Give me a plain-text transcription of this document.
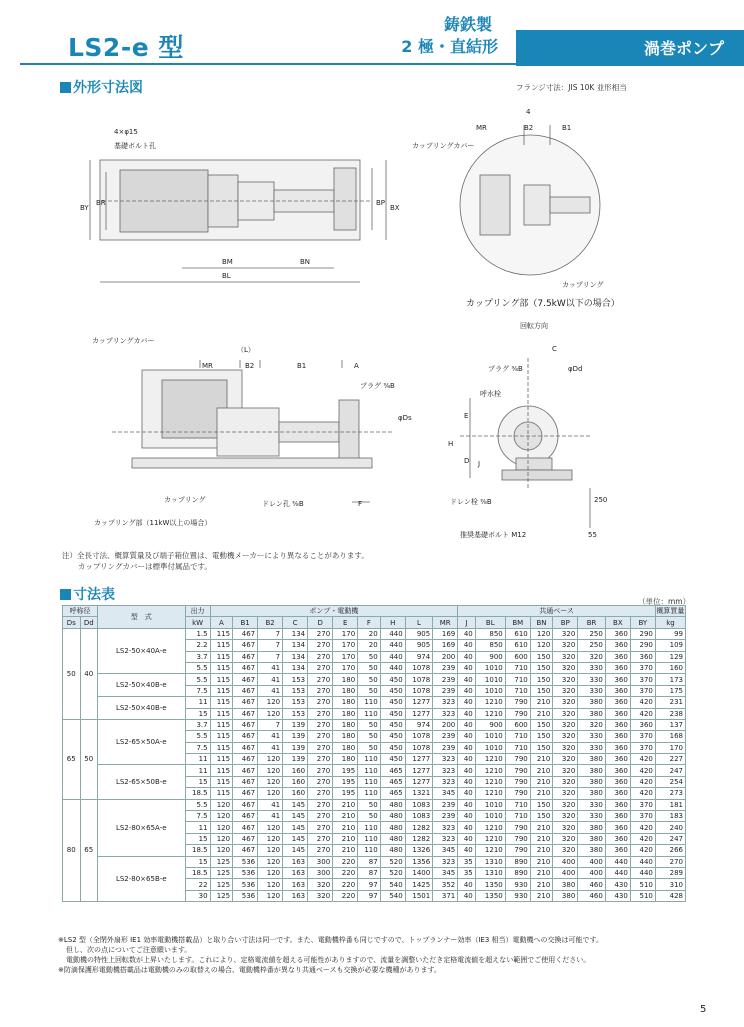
LS2-e 型
鋳鉄製
2 極・直結形	渦巻ポンプ
外形寸法図	フランジ寸法：JIS 10K 並形相当
4×φ15
基礎ボルト孔
BY
BR	BP
BX
BM	BN
BL
4
MR	B2	B1
カップリングカバー
カップリング
カップリング部（7.5kW以下の場合）
カップリングカバー
（L）
MR	B2	B1	A
プラグ ⅜B
φDs
カップリング	ドレン孔 ⅜B	F
カップリング部（11kW以上の場合）
回転方向
C
プラグ ⅜B	φDd
呼水栓
E
H
D J
ドレン栓 ⅜B	250
推奨基礎ボルト M12	55
注）全長寸法、概算質量及び端子箱位置は、電動機メーカーにより異なることがあります。
カップリングカバーは標準付属品です。
寸法表	（単位：mm）
呼称径		型　式	出力	ポンプ・電動機										共通ベース								概算質量
Ds	Dd		kW	A	B1	B2	C	D	E	F	H	L	MR	J	BL	BM	BN	BP	BR	BX	BY	kg
50	40	LS2-50×40A-e	1.5	115	467	7	134	270	170	20	440	905	169	40	850	610	120	320	250	360	290	99
			2.2	115	467	7	134	270	170	20	440	905	169	40	850	610	120	320	250	360	290	109
			3.7	115	467	7	134	270	170	50	440	974	200	40	900	600	150	320	320	360	360	129
			5.5	115	467	41	134	270	170	50	440	1078	239	40	1010	710	150	320	330	360	370	160
		LS2-50×40B-e	5.5	115	467	41	153	270	180	50	450	1078	239	40	1010	710	150	320	330	360	370	173
			7.5	115	467	41	153	270	180	50	450	1078	239	40	1010	710	150	320	330	360	370	175
		LS2-50×40B-e	11	115	467	120	153	270	180	110	450	1277	323	40	1210	790	210	320	380	360	420	231
			15	115	467	120	153	270	180	110	450	1277	323	40	1210	790	210	320	380	360	420	238
65	50	LS2-65×50A-e	3.7	115	467	7	139	270	180	50	450	974	200	40	900	600	150	320	320	360	360	137
			5.5	115	467	41	139	270	180	50	450	1078	239	40	1010	710	150	320	330	360	370	168
			7.5	115	467	41	139	270	180	50	450	1078	239	40	1010	710	150	320	330	360	370	170
			11	115	467	120	139	270	180	110	450	1277	323	40	1210	790	210	320	380	360	420	227
		LS2-65×50B-e	11	115	467	120	160	270	195	110	465	1277	323	40	1210	790	210	320	380	360	420	247
			15	115	467	120	160	270	195	110	465	1277	323	40	1210	790	210	320	380	360	420	254
			18.5	115	467	120	160	270	195	110	465	1321	345	40	1210	790	210	320	380	360	420	273
80	65	LS2-80×65A-e	5.5	120	467	41	145	270	210	50	480	1083	239	40	1010	710	150	320	330	360	370	181
			7.5	120	467	41	145	270	210	50	480	1083	239	40	1010	710	150	320	330	360	370	183
			11	120	467	120	145	270	210	110	480	1282	323	40	1210	790	210	320	380	360	420	240
			15	120	467	120	145	270	210	110	480	1282	323	40	1210	790	210	320	380	360	420	247
			18.5	120	467	120	145	270	210	110	480	1326	345	40	1210	790	210	320	380	360	420	266
		LS2-80×65B-e	15	125	536	120	163	300	220	87	520	1356	323	35	1310	890	210	400	400	440	440	270
			18.5	125	536	120	163	300	220	87	520	1400	345	35	1310	890	210	400	400	440	440	289
			22	125	536	120	163	320	220	97	540	1425	352	40	1350	930	210	380	460	430	510	310
			30	125	536	120	163	320	220	97	540	1501	371	40	1350	930	210	380	460	430	510	428
※LS2 型（全閉外扇形 IE1 効率電動機搭載品）と取り合い寸法は同一です。また、電動機枠番も同じですので、トップランナー効率（IE3 相当）電動機への交換は可能です。
但し、次の点についてご注意願います。
電動機の特性上回転数が上昇いたします。これにより、定格電流値を超える可能性がありますので、流量を調整いただき定格電流値を超えない範囲でご使用ください。
※防滴保護形電動機搭載品は電動機のみの取替えの場合、電動機枠番が異なり共通ベースも交換が必要な機種があります。
5
